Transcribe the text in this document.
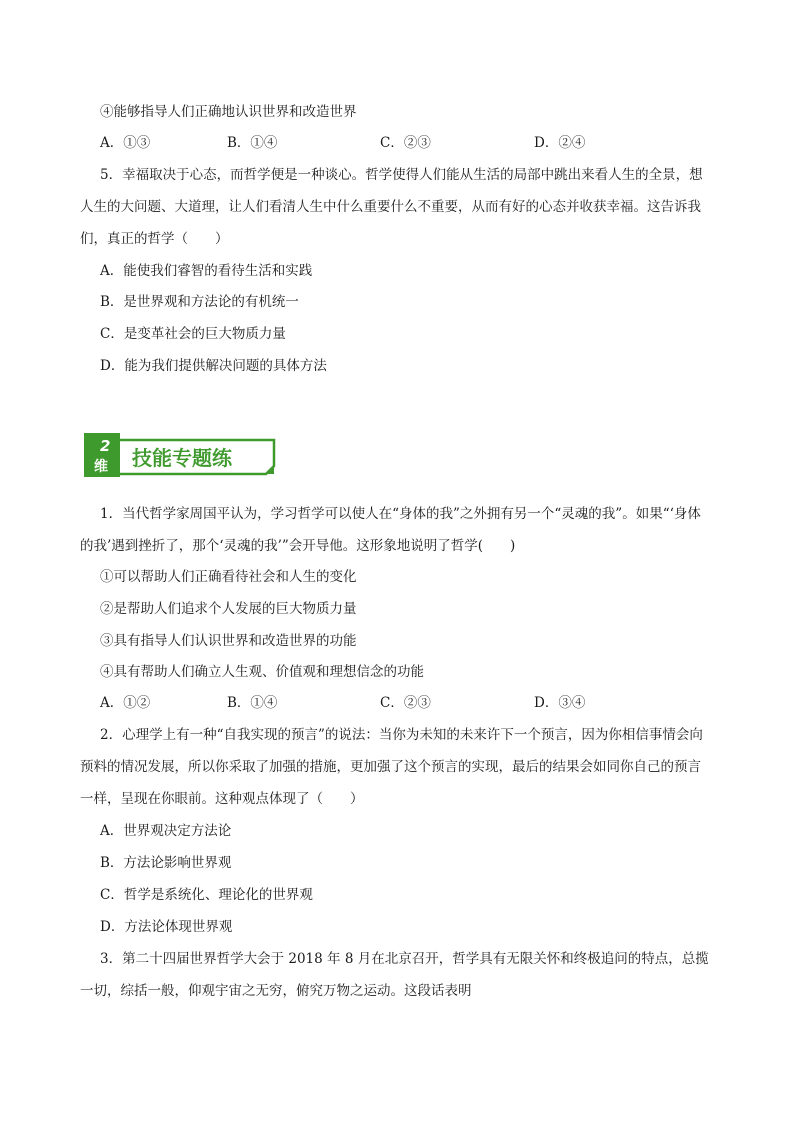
④能够指导人们正确地认识世界和改造世界
A．①③	B．①④	C．②③	D．②④
5．幸福取决于心态，而哲学便是一种谈心。哲学使得人们能从生活的局部中跳出来看人生的全景，想
人生的大问题、大道理，让人们看清人生中什么重要什么不重要，从而有好的心态并收获幸福。这告诉我
们，真正的哲学（　　）
A．能使我们睿智的看待生活和实践
B．是世界观和方法论的有机统一
C．是变革社会的巨大物质力量
D．能为我们提供解决问题的具体方法
2
维 技能专题练
1．当代哲学家周国平认为，学习哲学可以使人在“身体的我”之外拥有另一个“灵魂的我”。如果“‘身体
的我’遇到挫折了，那个‘灵魂的我’”会开导他。这形象地说明了哲学(　　)
①可以帮助人们正确看待社会和人生的变化
②是帮助人们追求个人发展的巨大物质力量
③具有指导人们认识世界和改造世界的功能
④具有帮助人们确立人生观、价值观和理想信念的功能
A．①②	B．①④	C．②③	D．③④
2．心理学上有一种“自我实现的预言”的说法：当你为未知的未来许下一个预言，因为你相信事情会向
预料的情况发展，所以你采取了加强的措施，更加强了这个预言的实现，最后的结果会如同你自己的预言
一样，呈现在你眼前。这种观点体现了（　　）
A．世界观决定方法论
B．方法论影响世界观
C．哲学是系统化、理论化的世界观
D．方法论体现世界观
3．第二十四届世界哲学大会于 2018 年 8 月在北京召开，哲学具有无限关怀和终极追问的特点，总揽
一切，综括一般，仰观宇宙之无穷，俯究万物之运动。这段话表明
